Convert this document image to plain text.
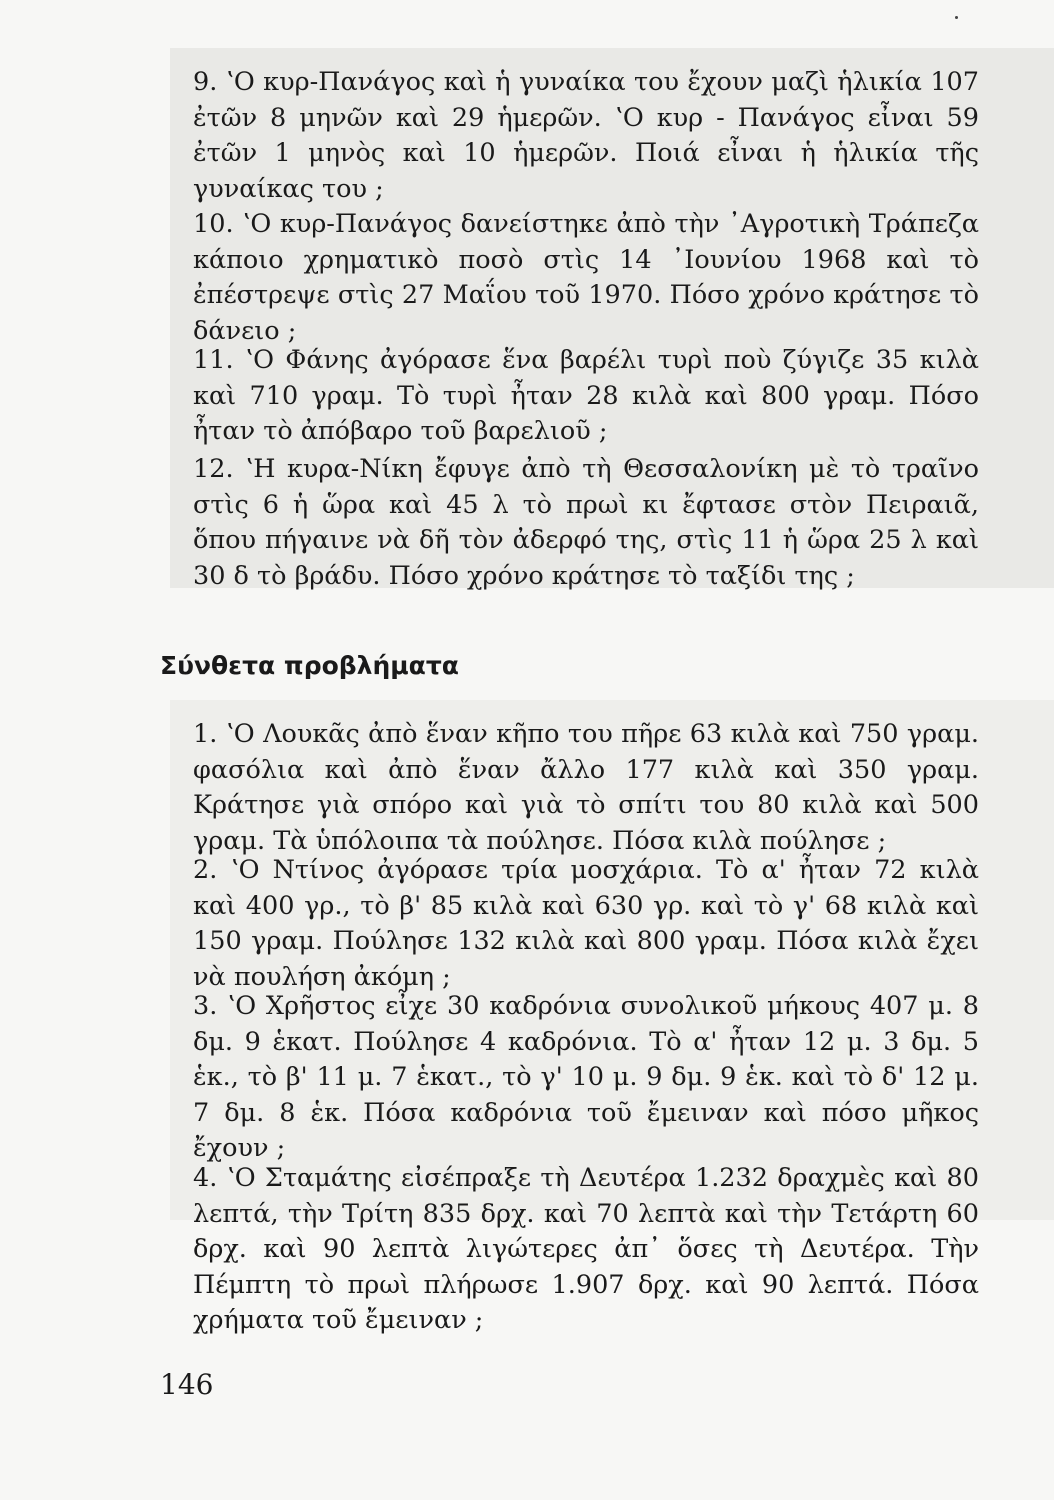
9. ʽΟ κυρ-Πανάγος καὶ ἡ γυναίκα του ἔχουν μαζὶ ἡλικία 107 ἐτῶν 8 μηνῶν καὶ 29 ἡμερῶν. ʽΟ κυρ - Πανάγος εἶναι 59 ἐτῶν 1 μηνὸς καὶ 10 ἡμερῶν. Ποιά εἶναι ἡ ἡλικία τῆς γυναίκας του ;

10. ʽΟ κυρ-Πανάγος δανείστηκε ἀπὸ τὴν ᾽Αγροτικὴ Τράπεζα κάποιο χρηματικὸ ποσὸ στὶς 14 ᾽Ιουνίου 1968 καὶ τὸ ἐπέστρεψε στὶς 27 Μαΐου τοῦ 1970. Πόσο χρόνο κράτησε τὸ δάνειο ;

11. ʽΟ Φάνης ἀγόρασε ἕνα βαρέλι τυρὶ ποὺ ζύγιζε 35 κιλὰ καὶ 710 γραμ. Τὸ τυρὶ ἦταν 28 κιλὰ καὶ 800 γραμ. Πόσο ἦταν τὸ ἀπόβαρο τοῦ βαρελιοῦ ;

12. ʽΗ κυρα-Νίκη ἔφυγε ἀπὸ τὴ Θεσσαλονίκη μὲ τὸ τραῖνο στὶς 6 ἡ ὥρα καὶ 45 λ τὸ πρωὶ κι ἔφτασε στὸν Πειραιᾶ, ὅπου πήγαινε νὰ δῆ τὸν ἀδερφό της, στὶς 11 ἡ ὥρα 25 λ καὶ 30 δ τὸ βράδυ. Πόσο χρόνο κράτησε τὸ ταξίδι της ;

Σύνθετα προβλήματα

1. ʽΟ Λουκᾶς ἀπὸ ἕναν κῆπο του πῆρε 63 κιλὰ καὶ 750 γραμ. φασόλια καὶ ἀπὸ ἕναν ἄλλο 177 κιλὰ καὶ 350 γραμ. Κράτησε γιὰ σπόρο καὶ γιὰ τὸ σπίτι του 80 κιλὰ καὶ 500 γραμ. Τὰ ὑπόλοιπα τὰ πούλησε. Πόσα κιλὰ πούλησε ;

2. ʽΟ Ντίνος ἀγόρασε τρία μοσχάρια. Τὸ α' ἦταν 72 κιλὰ καὶ 400 γρ., τὸ β' 85 κιλὰ καὶ 630 γρ. καὶ τὸ γ' 68 κιλὰ καὶ 150 γραμ. Πούλησε 132 κιλὰ καὶ 800 γραμ. Πόσα κιλὰ ἔχει νὰ πουλήση ἀκόμη ;

3. ʽΟ Χρῆστος εἶχε 30 καδρόνια συνολικοῦ μήκους 407 μ. 8 δμ. 9 ἑκατ. Πούλησε 4 καδρόνια. Τὸ α' ἦταν 12 μ. 3 δμ. 5 ἑκ., τὸ β' 11 μ. 7 ἑκατ., τὸ γ' 10 μ. 9 δμ. 9 ἑκ. καὶ τὸ δ' 12 μ. 7 δμ. 8 ἑκ. Πόσα καδρόνια τοῦ ἔμειναν καὶ πόσο μῆκος ἔχουν ;

4. ʽΟ Σταμάτης εἰσέπραξε τὴ Δευτέρα 1.232 δραχμὲς καὶ 80 λεπτά, τὴν Τρίτη 835 δρχ. καὶ 70 λεπτὰ καὶ τὴν Τετάρτη 60 δρχ. καὶ 90 λεπτὰ λιγώτερες ἀπ᾽ ὅσες τὴ Δευτέρα. Τὴν Πέμπτη τὸ πρωὶ πλήρωσε 1.907 δρχ. καὶ 90 λεπτά. Πόσα χρήματα τοῦ ἔμειναν ;

146
